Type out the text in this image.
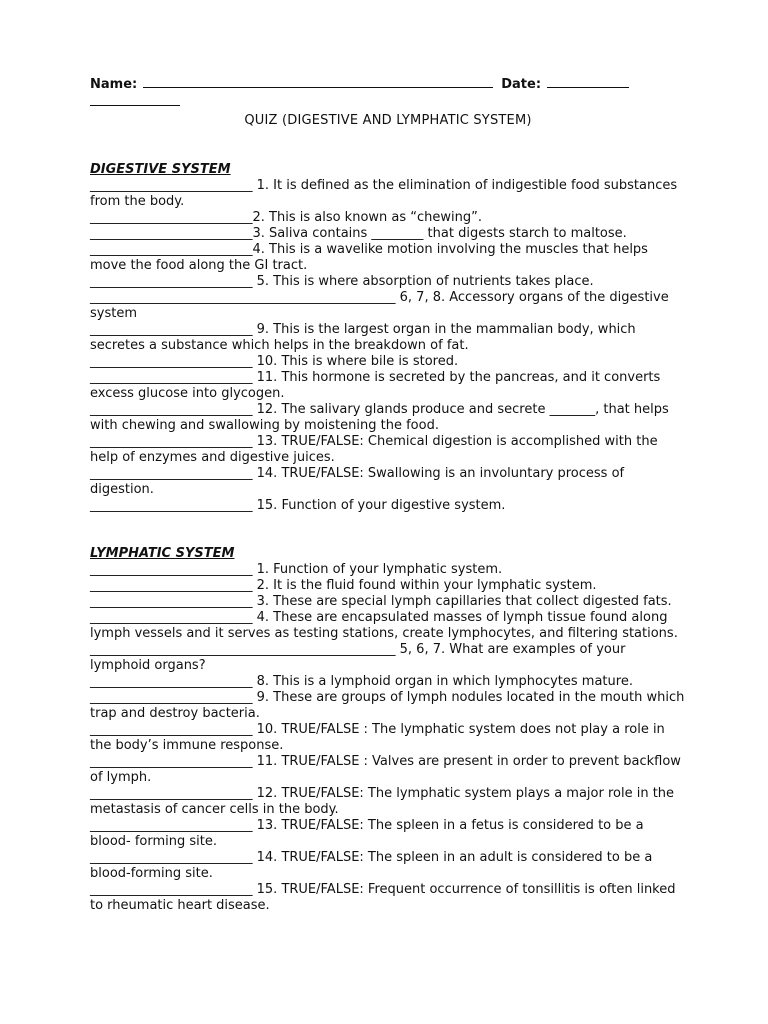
Name:	Date:
QUIZ (DIGESTIVE AND LYMPHATIC SYSTEM)
DIGESTIVE SYSTEM
_________________________ 1. It is defined as the elimination of indigestible food substances from the body.
_________________________2. This is also known as “chewing”.
_________________________3. Saliva contains ________ that digests starch to maltose.
_________________________4. This is a wavelike motion involving the muscles that helps move the food along the GI tract.
_________________________ 5. This is where absorption of nutrients takes place.
_______________________________________________ 6, 7, 8. Accessory organs of the digestive system
_________________________ 9. This is the largest organ in the mammalian body, which secretes a substance which helps in the breakdown of fat.
_________________________ 10. This is where bile is stored.
_________________________ 11. This hormone is secreted by the pancreas, and it converts excess glucose into glycogen.
_________________________ 12. The salivary glands produce and secrete _______, that helps with chewing and swallowing by moistening the food.
_________________________ 13. TRUE/FALSE: Chemical digestion is accomplished with the help of enzymes and digestive juices.
_________________________ 14. TRUE/FALSE: Swallowing is an involuntary process of digestion.
_________________________ 15. Function of your digestive system.
LYMPHATIC SYSTEM
_________________________ 1. Function of your lymphatic system.
_________________________ 2. It is the fluid found within your lymphatic system.
_________________________ 3. These are special lymph capillaries that collect digested fats.
_________________________ 4. These are encapsulated masses of lymph tissue found along lymph vessels and it serves as testing stations, create lymphocytes, and filtering stations.
_______________________________________________ 5, 6, 7. What are examples of your lymphoid organs?
_________________________ 8. This is a lymphoid organ in which lymphocytes mature.
_________________________ 9. These are groups of lymph nodules located in the mouth which trap and destroy bacteria.
_________________________ 10. TRUE/FALSE : The lymphatic system does not play a role in the body’s immune response.
_________________________ 11. TRUE/FALSE : Valves are present in order to prevent backflow of lymph.
_________________________ 12. TRUE/FALSE: The lymphatic system plays a major role in the metastasis of cancer cells in the body.
_________________________ 13. TRUE/FALSE: The spleen in a fetus is considered to be a blood- forming site.
_________________________ 14. TRUE/FALSE: The spleen in an adult is considered to be a blood-forming site.
_________________________ 15. TRUE/FALSE: Frequent occurrence of tonsillitis is often linked to rheumatic heart disease.
